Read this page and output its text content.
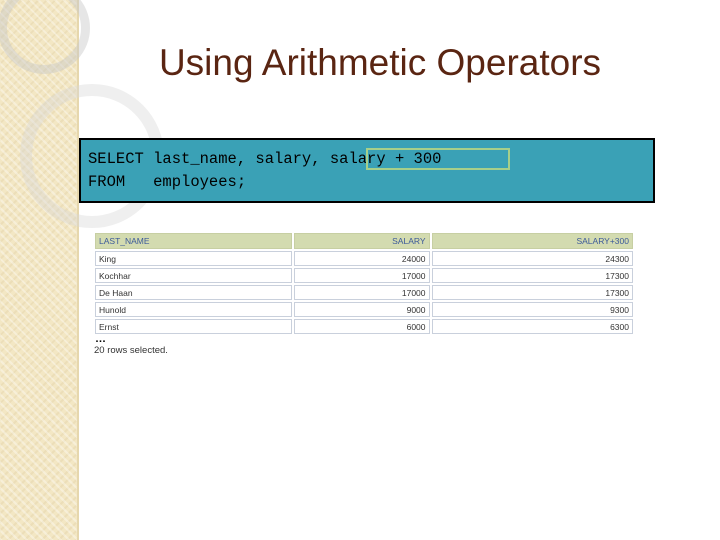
Using Arithmetic Operators
SELECT last_name, salary, salary + 300
FROM   employees;
LAST_NAME	SALARY	SALARY+300
King	24000	24300
Kochhar	17000	17300
De Haan	17000	17300
Hunold	9000	9300
Ernst	6000	6300
…
20 rows selected.
